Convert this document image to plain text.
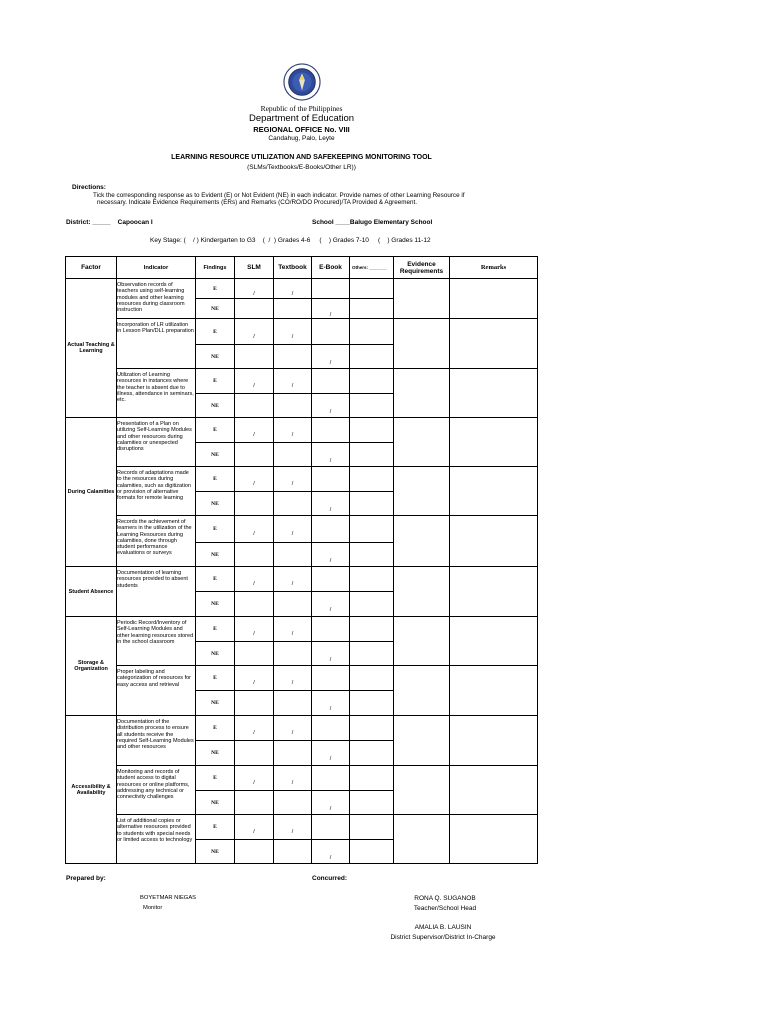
Republic of the Philippines
Department of Education
REGIONAL OFFICE No. VIII
Candahug, Palo, Leyte
LEARNING RESOURCE UTILIZATION AND SAFEKEEPING MONITORING TOOL
(SLMs/Textbooks/E-Books/Other LR))
Directions:
Tick the corresponding response as to Evident (E) or Not Evident (NE) in each indicator. Provide names of other Learning Resource if
necessary. Indicate Evidence Requirements (ERs) and Remarks (CO/RO/DO Procured)/TA Provided & Agreement.
District: _____    Capoocan I	School ____Balugo Elementary School
Key Stage: (    / ) Kindergarten to G3    (  /  ) Grades 4-6     (    ) Grades 7-10     (    ) Grades 11-12
Factor	Indicator	Findings	SLM	Textbook	E-Book	Others: _______	Evidence Requirements	Remarks
Actual Teaching & Learning	Observation records of teachers using self-learning modules and other learning resources during classroom instruction	E	/	/				
		NE			/			
	Incorporation of LR utilization in Lesson Plan/DLL preparation	E	/	/				
		NE			/			
	Utilization of Learning resources in instances where the teacher is absent due to illness, attendance in seminars, etc.	E	/	/				
		NE			/			
During Calamities	Presentation of a Plan on utilizing Self-Learning Modules and other resources during calamities or unexpected disruptions	E	/	/				
		NE			/			
	Records of adaptations made to the resources during calamities, such as digitization or provision of alternative formats for remote learning	E	/	/				
		NE			/			
	Records the achievement of learners in the utilization of the Learning Resources during calamities, done through student performance evaluations or surveys	E	/	/				
		NE			/			
Student Absence	Documentation of learning resources provided to absent students	E	/	/				
		NE			/			
Storage & Organization	Periodic Record/Inventory of Self-Learning Modules and other learning resources stored in the school classroom	E	/	/				
		NE			/			
	Proper labeling and categorization of resources for easy access and retrieval	E	/	/				
		NE			/			
Accessibility & Availability	Documentation of the distribution process to ensure all students receive the required Self-Learning Modules and other resources	E	/	/				
		NE			/			
	Monitoring and records of student access to digital resources or online platforms, addressing any technical or connectivity challenges	E	/	/				
		NE			/			
	List of additional copies or alternative resources provided to students with special needs or limited access to technology	E	/	/				
		NE			/			
Prepared by:	Concurred:
BOYETMAR NIEGAS
Monitor
RONA Q. SUGANOB
Teacher/School Head
AMALIA B. LAUSIN
District Supervisor/District In-Charge
